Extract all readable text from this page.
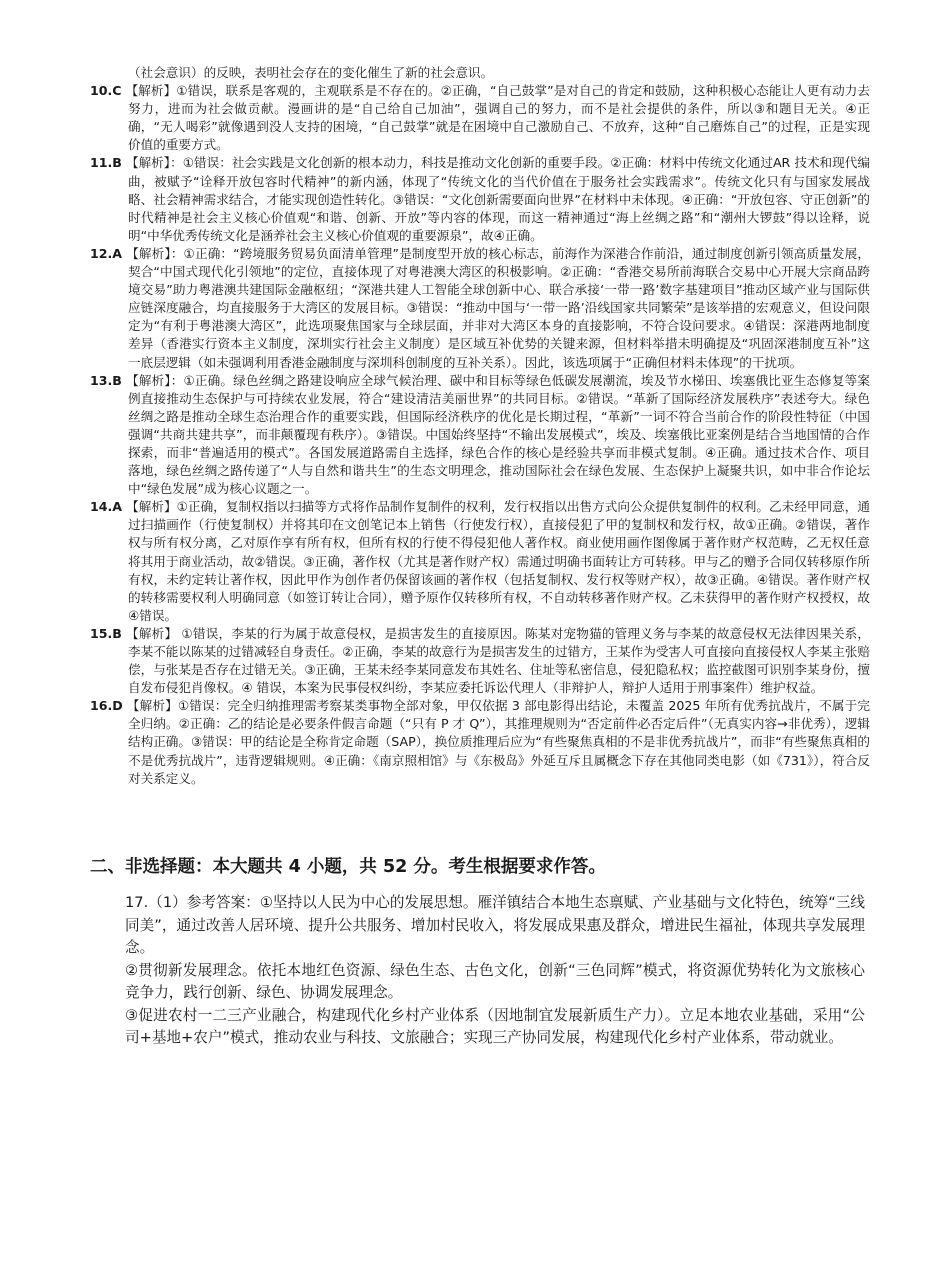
（社会意识）的反映，表明社会存在的变化催生了新的社会意识。

10.C 【解析】①错误，联系是客观的，主观联系是不存在的。②正确，“自己鼓掌”是对自己的肯定和鼓励，这种积极心态能让人更有动力去努力，进而为社会做贡献。漫画讲的是“自己给自己加油”，强调自己的努力，而不是社会提供的条件，所以③和题目无关。④正确，“无人喝彩”就像遇到没人支持的困境，“自己鼓掌”就是在困境中自己激励自己、不放弃，这种“自己磨炼自己”的过程，正是实现价值的重要方式。

11.B 【解析】：①错误：社会实践是文化创新的根本动力，科技是推动文化创新的重要手段。②正确：材料中传统文化通过AR 技术和现代编曲，被赋予“诠释开放包容时代精神”的新内涵，体现了“传统文化的当代价值在于服务社会实践需求”。传统文化只有与国家发展战略、社会精神需求结合，才能实现创造性转化。③错误：“文化创新需要面向世界”在材料中未体现。④正确：“开放包容、守正创新”的时代精神是社会主义核心价值观“和谐、创新、开放”等内容的体现，而这一精神通过“海上丝绸之路”和“潮州大锣鼓”得以诠释，说明“中华优秀传统文化是涵养社会主义核心价值观的重要源泉”，故④正确。

12.A 【解析】：①正确：“跨境服务贸易负面清单管理”是制度型开放的核心标志，前海作为深港合作前沿，通过制度创新引领高质量发展，契合“中国式现代化引领地”的定位，直接体现了对粤港澳大湾区的积极影响。②正确：“香港交易所前海联合交易中心开展大宗商品跨境交易”助力粤港澳共建国际金融枢纽；“深港共建人工智能全球创新中心、联合承接‘一带一路’数字基建项目”推动区域产业与国际供应链深度融合，均直接服务于大湾区的发展目标。③错误：“推动中国与‘一带一路’沿线国家共同繁荣”是该举措的宏观意义，但设问限定为“有利于粤港澳大湾区”，此选项聚焦国家与全球层面，并非对大湾区本身的直接影响，不符合设问要求。④错误：深港两地制度差异（香港实行资本主义制度，深圳实行社会主义制度）是区域互补优势的关键来源，但材料举措未明确提及“巩固深港制度互补”这一底层逻辑（如未强调利用香港金融制度与深圳科创制度的互补关系）。因此，该选项属于“正确但材料未体现”的干扰项。

13.B 【解析】：①正确。绿色丝绸之路建设响应全球气候治理、碳中和目标等绿色低碳发展潮流，埃及节水梯田、埃塞俄比亚生态修复等案例直接推动生态保护与可持续农业发展，符合“建设清洁美丽世界”的共同目标。②错误。“革新了国际经济发展秩序”表述夸大。绿色丝绸之路是推动全球生态治理合作的重要实践，但国际经济秩序的优化是长期过程，“革新”一词不符合当前合作的阶段性特征（中国强调“共商共建共享”，而非颠覆现有秩序）。③错误。中国始终坚持“不输出发展模式”，埃及、埃塞俄比亚案例是结合当地国情的合作探索，而非“普遍适用的模式”。各国发展道路需自主选择，绿色合作的核心是经验共享而非模式复制。④正确。通过技术合作、项目落地，绿色丝绸之路传递了“人与自然和谐共生”的生态文明理念，推动国际社会在绿色发展、生态保护上凝聚共识，如中非合作论坛中“绿色发展”成为核心议题之一。

14.A 【解析】①正确，复制权指以扫描等方式将作品制作复制件的权利，发行权指以出售方式向公众提供复制件的权利。乙未经甲同意，通过扫描画作（行使复制权）并将其印在文创笔记本上销售（行使发行权），直接侵犯了甲的复制权和发行权，故①正确。②错误，著作权与所有权分离，乙对原作享有所有权，但所有权的行使不得侵犯他人著作权。商业使用画作图像属于著作财产权范畴，乙无权任意将其用于商业活动，故②错误。③正确，著作权（尤其是著作财产权）需通过明确书面转让方可转移。甲与乙的赠予合同仅转移原作所有权，未约定转让著作权，因此甲作为创作者仍保留该画的著作权（包括复制权、发行权等财产权），故③正确。④错误。著作财产权的转移需要权利人明确同意（如签订转让合同），赠予原作仅转移所有权，不自动转移著作财产权。乙未获得甲的著作财产权授权，故④错误。

15.B 【解析】 ①错误，李某的行为属于故意侵权，是损害发生的直接原因。陈某对宠物猫的管理义务与李某的故意侵权无法律因果关系，李某不能以陈某的过错减轻自身责任。②正确，李某的故意行为是损害发生的过错方，王某作为受害人可直接向直接侵权人李某主张赔偿，与张某是否存在过错无关。③正确，王某未经李某同意发布其姓名、住址等私密信息，侵犯隐私权；监控截图可识别李某身份，擅自发布侵犯肖像权。④ 错误，本案为民事侵权纠纷，李某应委托诉讼代理人（非辩护人，辩护人适用于刑事案件）维护权益。

16.D 【解析】①错误：完全归纳推理需考察某类事物全部对象，甲仅依据 3 部电影得出结论，未覆盖 2025 年所有优秀抗战片，不属于完全归纳。②正确：乙的结论是必要条件假言命题（“只有 P 才 Q”），其推理规则为“否定前件必否定后件”（无真实内容→非优秀），逻辑结构正确。③错误：甲的结论是全称肯定命题（SAP），换位质推理后应为“有些聚焦真相的不是非优秀抗战片”，而非“有些聚焦真相的不是优秀抗战片”，违背逻辑规则。④正确：《南京照相馆》与《东极岛》外延互斥且属概念下存在其他同类电影（如《731》），符合反对关系定义。

二、非选择题：本大题共 4 小题，共 52 分。考生根据要求作答。

17.（1）参考答案：①坚持以人民为中心的发展思想。雁洋镇结合本地生态禀赋、产业基础与文化特色，统筹“三线同美”，通过改善人居环境、提升公共服务、增加村民收入，将发展成果惠及群众，增进民生福祉，体现共享发展理念。

②贯彻新发展理念。依托本地红色资源、绿色生态、古色文化，创新“三色同辉”模式，将资源优势转化为文旅核心竞争力，践行创新、绿色、协调发展理念。

③促进农村一二三产业融合，构建现代化乡村产业体系（因地制宜发展新质生产力）。立足本地农业基础，采用“公司+基地+农户”模式，推动农业与科技、文旅融合；实现三产协同发展，构建现代化乡村产业体系，带动就业。
